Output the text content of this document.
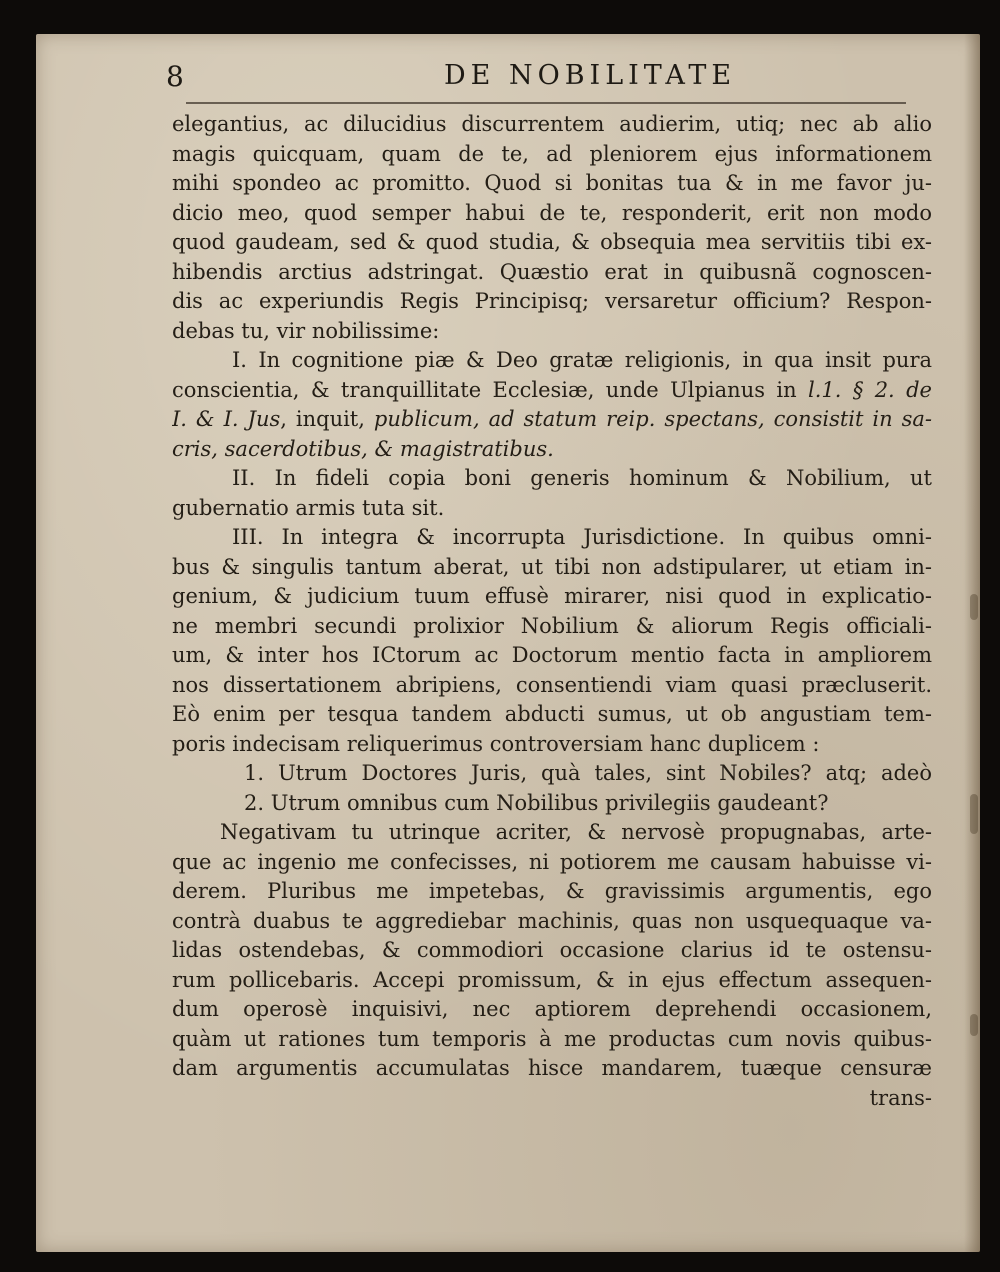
8	DE NOBILITATE
elegantius, ac dilucidius discurrentem audierim, utiq; nec ab alio
magis quicquam, quam de te, ad pleniorem ejus informationem
mihi spondeo ac promitto. Quod si bonitas tua & in me favor ju-
dicio meo, quod semper habui de te, responderit, erit non modo
quod gaudeam, sed & quod studia, & obsequia mea servitiis tibi ex-
hibendis arctius adstringat. Quæstio erat in quibusnã cognoscen-
dis ac experiundis Regis Principisq; versaretur officium? Respon-
debas tu, vir nobilissime:
I. In cognitione piæ & Deo gratæ religionis, in qua insit pura
conscientia, & tranquillitate Ecclesiæ, unde Ulpianus in l.1. § 2. de
I. & I. Jus, inquit, publicum, ad statum reip. spectans, consistit in sa-
cris, sacerdotibus, & magistratibus.
II. In fideli copia boni generis hominum & Nobilium, ut
gubernatio armis tuta sit.
III. In integra & incorrupta Jurisdictione. In quibus omni-
bus & singulis tantum aberat, ut tibi non adstipularer, ut etiam in-
genium, & judicium tuum effusè mirarer, nisi quod in explicatio-
ne membri secundi prolixior Nobilium & aliorum Regis officiali-
um, & inter hos ICtorum ac Doctorum mentio facta in ampliorem
nos dissertationem abripiens, consentiendi viam quasi præcluserit.
Eò enim per tesqua tandem abducti sumus, ut ob angustiam tem-
poris indecisam reliquerimus controversiam hanc duplicem :
1. Utrum Doctores Juris, quà tales, sint Nobiles? atq; adeò
2. Utrum omnibus cum Nobilibus privilegiis gaudeant?
Negativam tu utrinque acriter, & nervosè propugnabas, arte-
que ac ingenio me confecisses, ni potiorem me causam habuisse vi-
derem. Pluribus me impetebas, & gravissimis argumentis, ego
contrà duabus te aggrediebar machinis, quas non usquequaque va-
lidas ostendebas, & commodiori occasione clarius id te ostensu-
rum pollicebaris. Accepi promissum, & in ejus effectum assequen-
dum operosè inquisivi, nec aptiorem deprehendi occasionem,
quàm ut rationes tum temporis à me productas cum novis quibus-
dam argumentis accumulatas hisce mandarem, tuæque censuræ
trans-
